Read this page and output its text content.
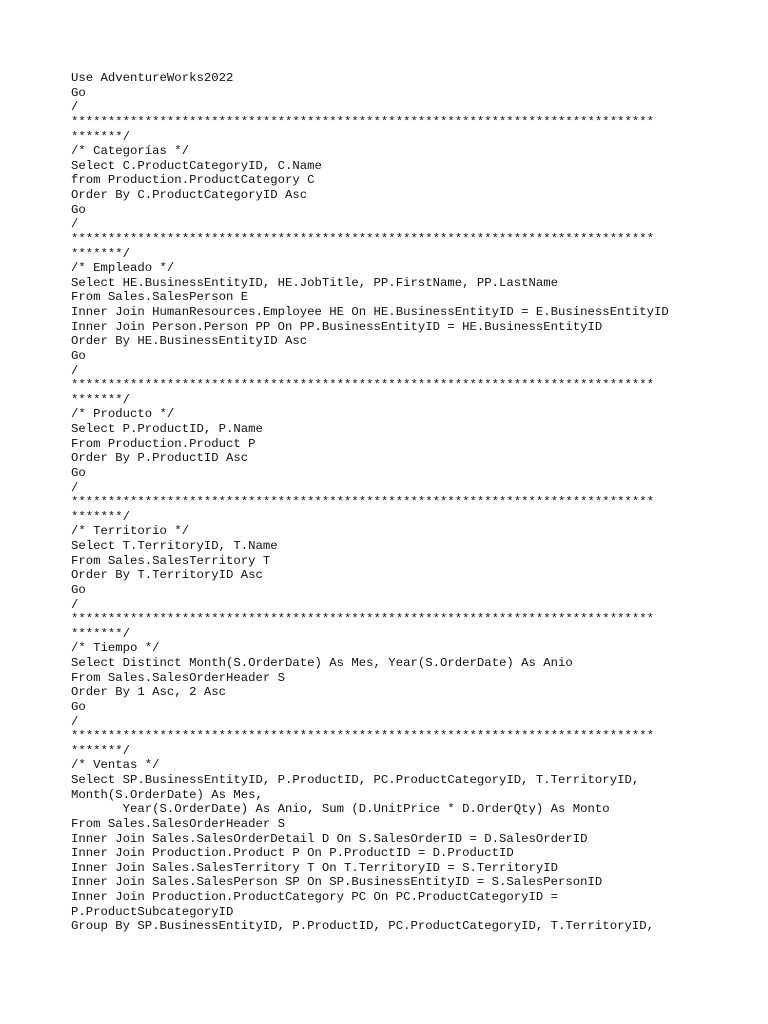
Use AdventureWorks2022
Go
/
*******************************************************************************
*******/
/* Categorías */
Select C.ProductCategoryID, C.Name
from Production.ProductCategory C
Order By C.ProductCategoryID Asc
Go
/
*******************************************************************************
*******/
/* Empleado */
Select HE.BusinessEntityID, HE.JobTitle, PP.FirstName, PP.LastName
From Sales.SalesPerson E
Inner Join HumanResources.Employee HE On HE.BusinessEntityID = E.BusinessEntityID
Inner Join Person.Person PP On PP.BusinessEntityID = HE.BusinessEntityID
Order By HE.BusinessEntityID Asc
Go
/
*******************************************************************************
*******/
/* Producto */
Select P.ProductID, P.Name
From Production.Product P
Order By P.ProductID Asc
Go
/
*******************************************************************************
*******/
/* Territorio */
Select T.TerritoryID, T.Name
From Sales.SalesTerritory T
Order By T.TerritoryID Asc
Go
/
*******************************************************************************
*******/
/* Tiempo */
Select Distinct Month(S.OrderDate) As Mes, Year(S.OrderDate) As Anio
From Sales.SalesOrderHeader S
Order By 1 Asc, 2 Asc
Go
/
*******************************************************************************
*******/
/* Ventas */
Select SP.BusinessEntityID, P.ProductID, PC.ProductCategoryID, T.TerritoryID,
Month(S.OrderDate) As Mes,
Year(S.OrderDate) As Anio, Sum (D.UnitPrice * D.OrderQty) As Monto
From Sales.SalesOrderHeader S
Inner Join Sales.SalesOrderDetail D On S.SalesOrderID = D.SalesOrderID
Inner Join Production.Product P On P.ProductID = D.ProductID
Inner Join Sales.SalesTerritory T On T.TerritoryID = S.TerritoryID
Inner Join Sales.SalesPerson SP On SP.BusinessEntityID = S.SalesPersonID
Inner Join Production.ProductCategory PC On PC.ProductCategoryID =
P.ProductSubcategoryID
Group By SP.BusinessEntityID, P.ProductID, PC.ProductCategoryID, T.TerritoryID,
